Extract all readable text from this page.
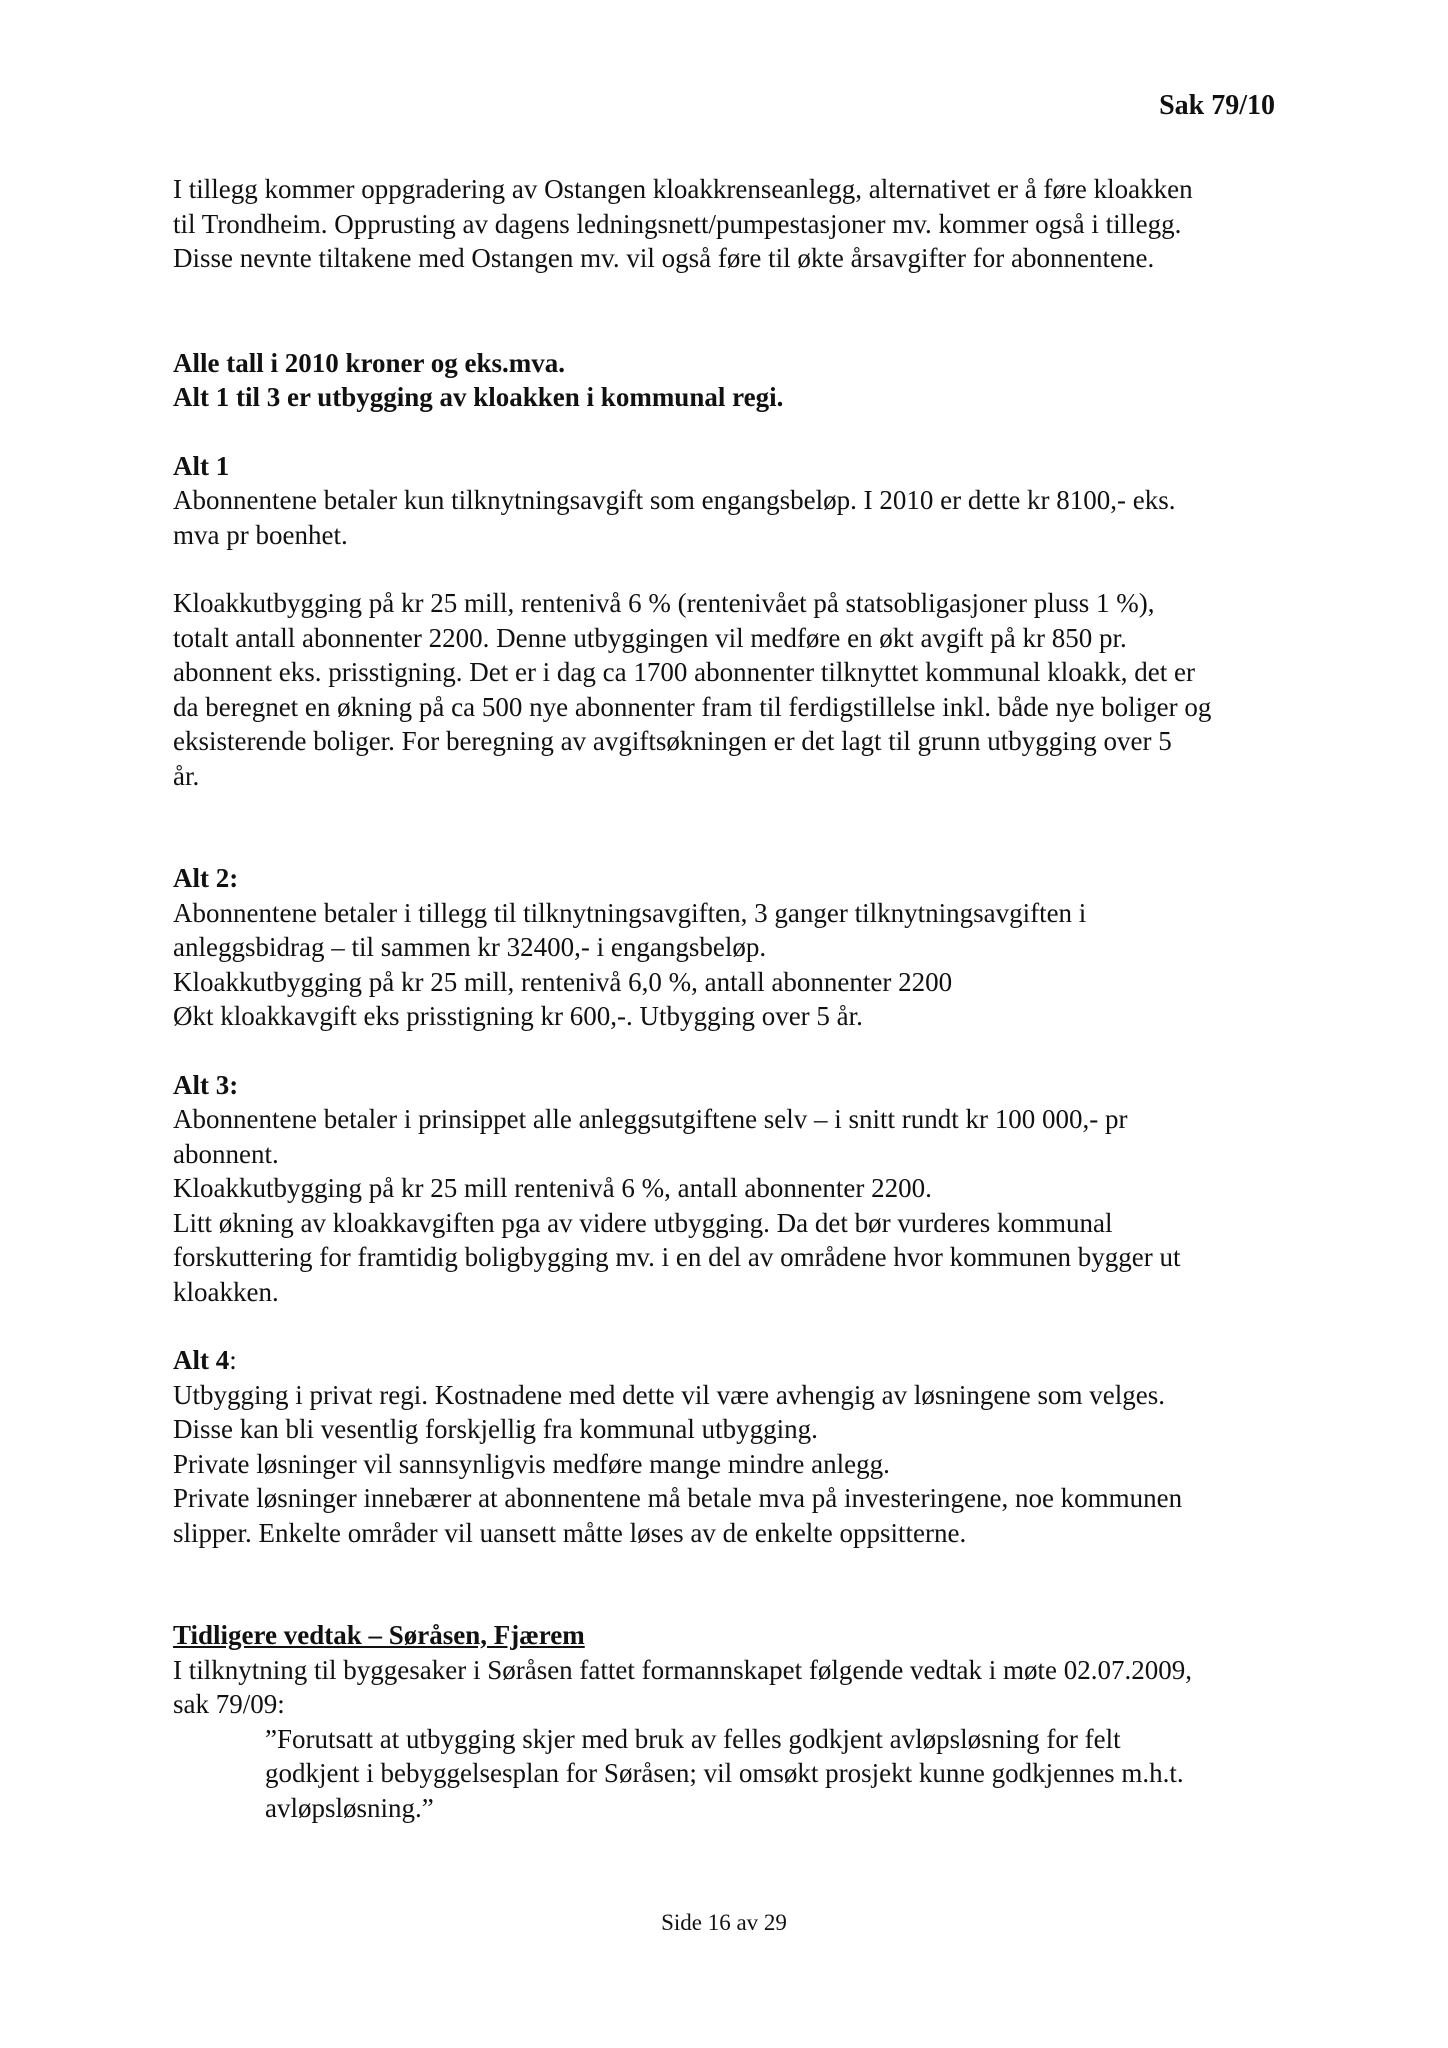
Sak 79/10

I tillegg kommer oppgradering av Ostangen kloakkrenseanlegg, alternativet er å føre kloakken
til Trondheim. Opprusting av dagens ledningsnett/pumpestasjoner mv. kommer også i tillegg.
Disse nevnte tiltakene med Ostangen mv. vil også føre til økte årsavgifter for abonnentene.

Alle tall i 2010 kroner og eks.mva.
Alt 1 til 3 er utbygging av kloakken i kommunal regi.

Alt 1
Abonnentene betaler kun tilknytningsavgift som engangsbeløp. I 2010 er dette kr 8100,- eks.
mva pr boenhet.

Kloakkutbygging på kr 25 mill, rentenivå 6 % (rentenivået på statsobligasjoner pluss 1 %),
totalt antall abonnenter 2200. Denne utbyggingen vil medføre en økt avgift på kr 850 pr.
abonnent eks. prisstigning. Det er i dag ca 1700 abonnenter tilknyttet kommunal kloakk, det er
da beregnet en økning på ca 500 nye abonnenter fram til ferdigstillelse inkl. både nye boliger og
eksisterende boliger. For beregning av avgiftsøkningen er det lagt til grunn utbygging over 5
år.

Alt 2:
Abonnentene betaler i tillegg til tilknytningsavgiften, 3 ganger tilknytningsavgiften i
anleggsbidrag – til sammen kr 32400,- i engangsbeløp.
Kloakkutbygging på kr 25 mill, rentenivå 6,0 %, antall abonnenter 2200
Økt kloakkavgift eks prisstigning kr 600,-. Utbygging over 5 år.

Alt 3:
Abonnentene betaler i prinsippet alle anleggsutgiftene selv – i snitt rundt kr 100 000,- pr
abonnent.
Kloakkutbygging på kr 25 mill rentenivå 6 %, antall abonnenter 2200.
Litt økning av kloakkavgiften pga av videre utbygging. Da det bør vurderes kommunal
forskuttering for framtidig boligbygging mv. i en del av områdene hvor kommunen bygger ut
kloakken.

Alt 4:
Utbygging i privat regi. Kostnadene med dette vil være avhengig av løsningene som velges.
Disse kan bli vesentlig forskjellig fra kommunal utbygging.
Private løsninger vil sannsynligvis medføre mange mindre anlegg.
Private løsninger innebærer at abonnentene må betale mva på investeringene, noe kommunen
slipper. Enkelte områder vil uansett måtte løses av de enkelte oppsitterne.

Tidligere vedtak – Søråsen, Fjærem
I tilknytning til byggesaker i Søråsen fattet formannskapet følgende vedtak i møte 02.07.2009,
sak 79/09:

”Forutsatt at utbygging skjer med bruk av felles godkjent avløpsløsning for felt
godkjent i bebyggelsesplan for Søråsen; vil omsøkt prosjekt kunne godkjennes m.h.t.
avløpsløsning.”

Side 16 av 29
